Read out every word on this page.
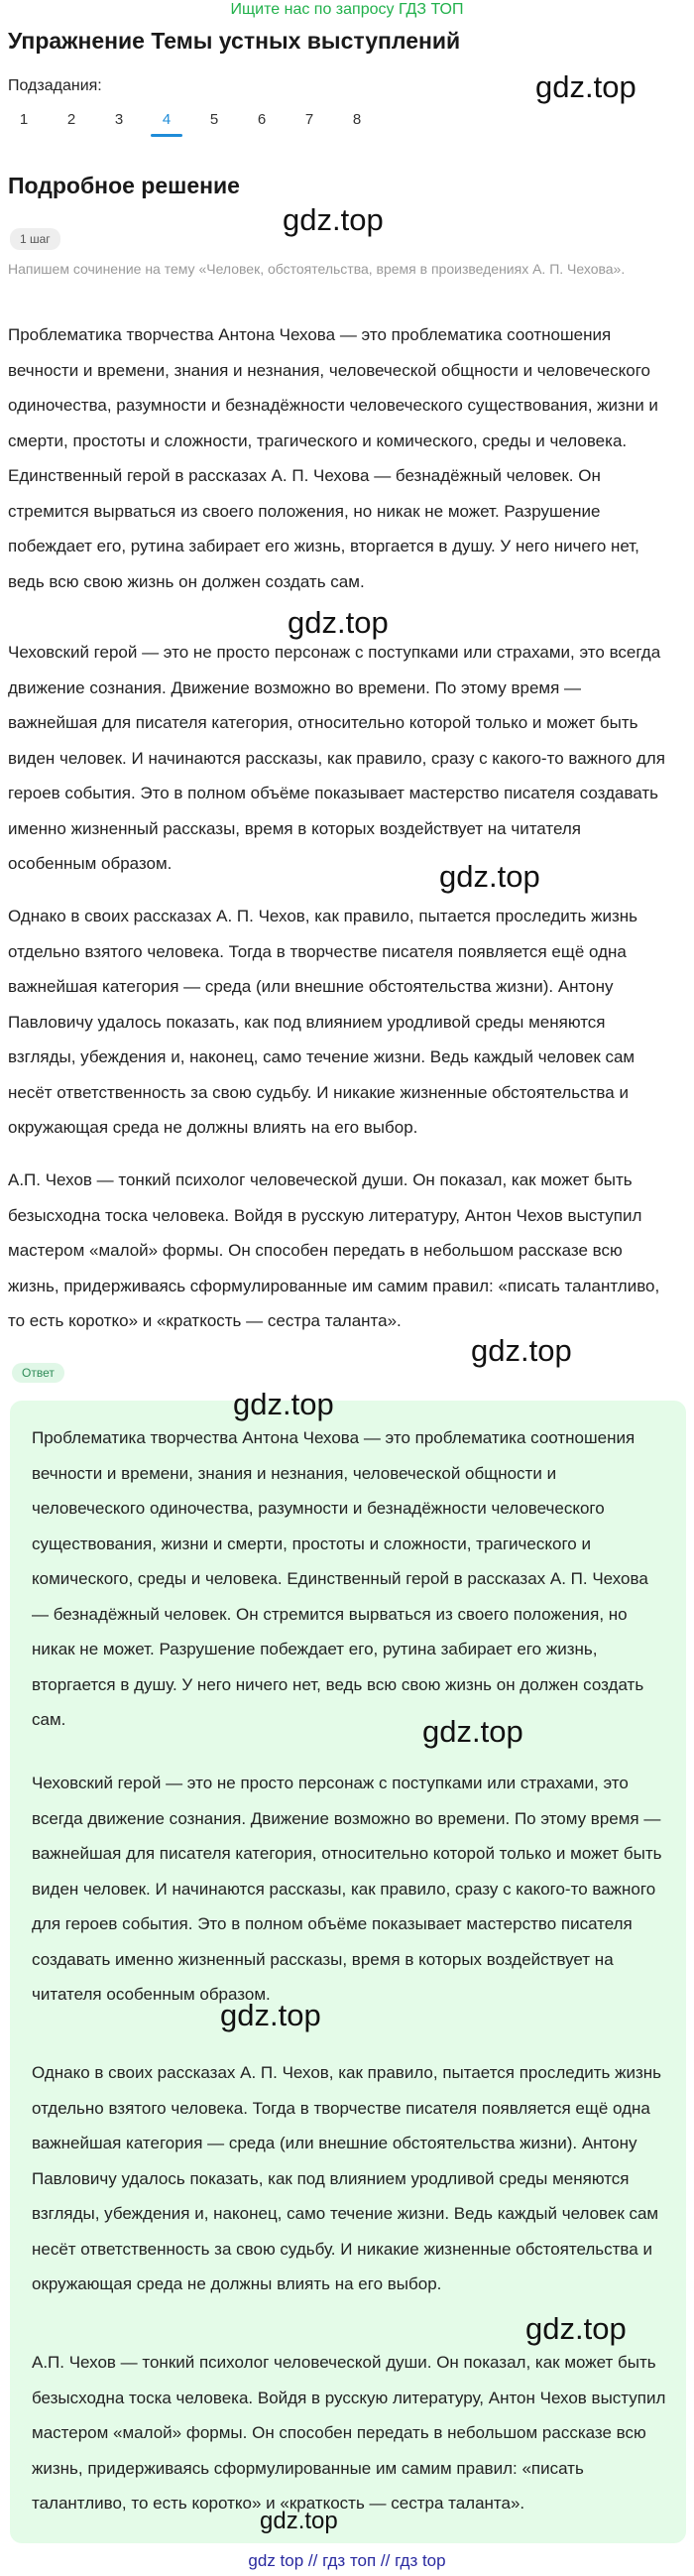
Ищите нас по запросу ГДЗ ТОП
Упражнение Темы устных выступлений
Подзадания:
1	2	3	4	5	6	7	8
Подробное решение
1 шаг
Напишем сочинение на тему «Человек, обстоятельства, время в произведениях А. П. Чехова».
Проблематика творчества Антона Чехова — это проблематика соотношения вечности и времени, знания и незнания, человеческой общности и человеческого одиночества, разумности и безнадёжности человеческого существования, жизни и смерти, простоты и сложности, трагического и комического, среды и человека. Единственный герой в рассказах А. П. Чехова — безнадёжный человек. Он стремится вырваться из своего положения, но никак не может. Разрушение побеждает его, рутина забирает его жизнь, вторгается в душу. У него ничего нет, ведь всю свою жизнь он должен создать сам.
Чеховский герой — это не просто персонаж с поступками или страхами, это всегда движение сознания. Движение возможно во времени. По этому время — важнейшая для писателя категория, относительно которой только и может быть виден человек. И начинаются рассказы, как правило, сразу с какого-то важного для героев события. Это в полном объёме показывает мастерство писателя создавать именно жизненный рассказы, время в которых воздействует на читателя особенным образом.
Однако в своих рассказах А. П. Чехов, как правило, пытается проследить жизнь отдельно взятого человека. Тогда в творчестве писателя появляется ещё одна важнейшая категория — среда (или внешние обстоятельства жизни). Антону Павловичу удалось показать, как под влиянием уродливой среды меняются взгляды, убеждения и, наконец, само течение жизни. Ведь каждый человек сам несёт ответственность за свою судьбу. И никакие жизненные обстоятельства и окружающая среда не должны влиять на его выбор.
А.П. Чехов — тонкий психолог человеческой души. Он показал, как может быть безысходна тоска человека. Войдя в русскую литературу, Антон Чехов выступил мастером «малой» формы. Он способен передать в небольшом рассказе всю жизнь, придерживаясь сформулированные им самим правил: «писать талантливо, то есть коротко» и «краткость — сестра таланта».
Ответ
Проблематика творчества Антона Чехова — это проблематика соотношения вечности и времени, знания и незнания, человеческой общности и человеческого одиночества, разумности и безнадёжности человеческого существования, жизни и смерти, простоты и сложности, трагического и комического, среды и человека. Единственный герой в рассказах А. П. Чехова — безнадёжный человек. Он стремится вырваться из своего положения, но никак не может. Разрушение побеждает его, рутина забирает его жизнь, вторгается в душу. У него ничего нет, ведь всю свою жизнь он должен создать сам.
Чеховский герой — это не просто персонаж с поступками или страхами, это всегда движение сознания. Движение возможно во времени. По этому время — важнейшая для писателя категория, относительно которой только и может быть виден человек. И начинаются рассказы, как правило, сразу с какого-то важного для героев события. Это в полном объёме показывает мастерство писателя создавать именно жизненный рассказы, время в которых воздействует на читателя особенным образом.
Однако в своих рассказах А. П. Чехов, как правило, пытается проследить жизнь отдельно взятого человека. Тогда в творчестве писателя появляется ещё одна важнейшая категория — среда (или внешние обстоятельства жизни). Антону Павловичу удалось показать, как под влиянием уродливой среды меняются взгляды, убеждения и, наконец, само течение жизни. Ведь каждый человек сам несёт ответственность за свою судьбу. И никакие жизненные обстоятельства и окружающая среда не должны влиять на его выбор.
А.П. Чехов — тонкий психолог человеческой души. Он показал, как может быть безысходна тоска человека. Войдя в русскую литературу, Антон Чехов выступил мастером «малой» формы. Он способен передать в небольшом рассказе всю жизнь, придерживаясь сформулированные им самим правил: «писать талантливо, то есть коротко» и «краткость — сестра таланта».
gdz.top
gdz.top
gdz.top
gdz.top
gdz.top
gdz.top
gdz.top
gdz.top
gdz.top
gdz.top
gdz top // гдз топ // гдз top
